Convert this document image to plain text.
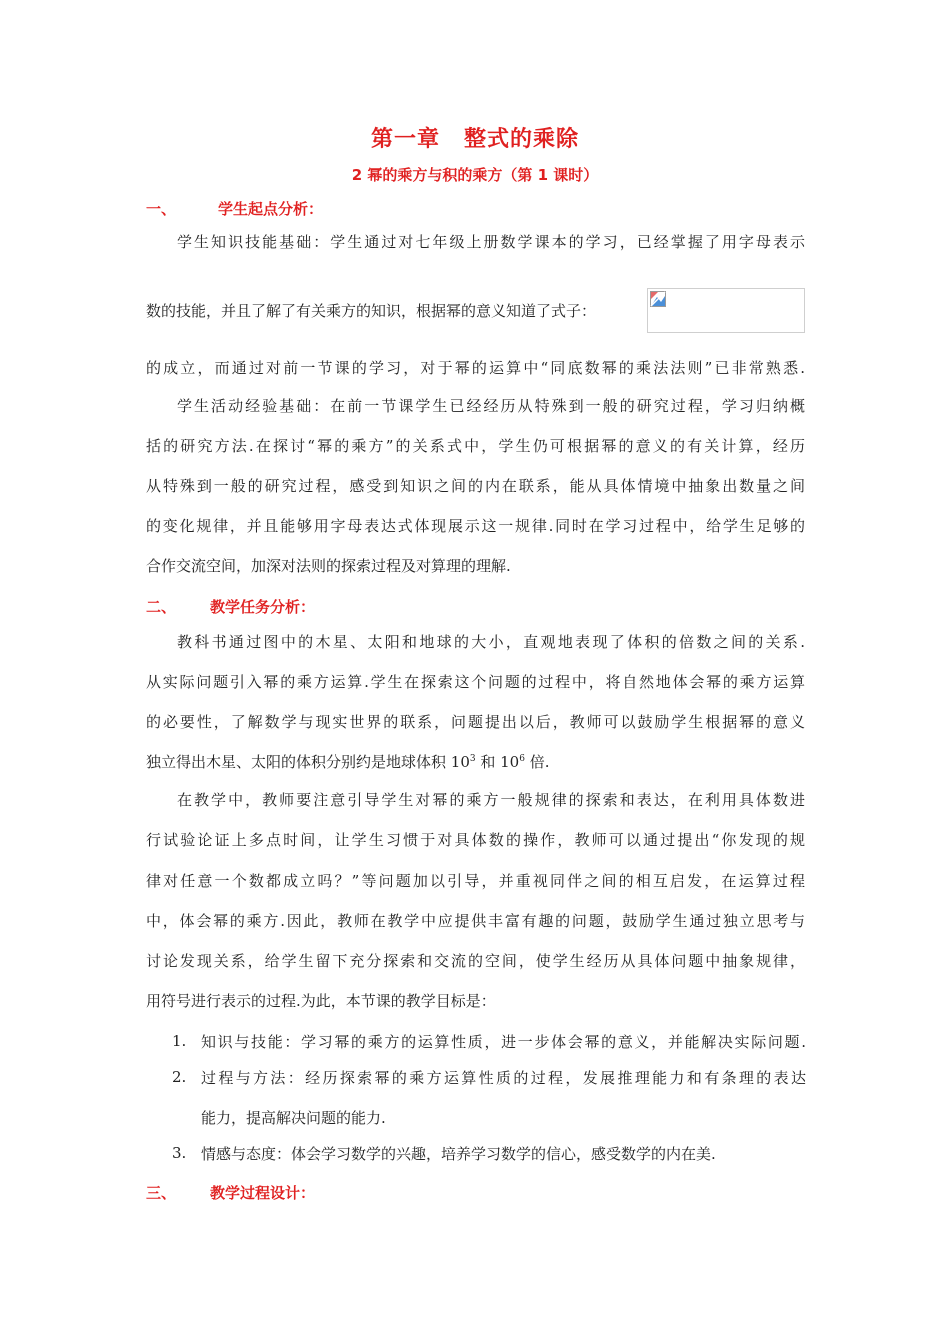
第一章 整式的乘除
2 幂的乘方与积的乘方（第 1 课时）
一、	学生起点分析：
学生知识技能基础：学生通过对七年级上册数学课本的学习，已经掌握了用字母表示
数的技能，并且了解了有关乘方的知识，根据幂的意义知道了式子：
的成立，而通过对前一节课的学习，对于幂的运算中“同底数幂的乘法法则”已非常熟悉.
学生活动经验基础：在前一节课学生已经经历从特殊到一般的研究过程，学习归纳概
括的研究方法.在探讨“幂的乘方”的关系式中，学生仍可根据幂的意义的有关计算，经历
从特殊到一般的研究过程，感受到知识之间的内在联系，能从具体情境中抽象出数量之间
的变化规律，并且能够用字母表达式体现展示这一规律.同时在学习过程中，给学生足够的
合作交流空间，加深对法则的探索过程及对算理的理解.
二、 教学任务分析：
教科书通过图中的木星、太阳和地球的大小，直观地表现了体积的倍数之间的关系.
从实际问题引入幂的乘方运算.学生在探索这个问题的过程中，将自然地体会幂的乘方运算
的必要性，了解数学与现实世界的联系，问题提出以后，教师可以鼓励学生根据幂的意义
独立得出木星、太阳的体积分别约是地球体积 $10^3$ 和 $10^6$ 倍.
在教学中，教师要注意引导学生对幂的乘方一般规律的探索和表达，在利用具体数进
行试验论证上多点时间，让学生习惯于对具体数的操作，教师可以通过提出“你发现的规
律对任意一个数都成立吗？”等问题加以引导，并重视同伴之间的相互启发，在运算过程
中，体会幂的乘方.因此，教师在教学中应提供丰富有趣的问题，鼓励学生通过独立思考与
讨论发现关系，给学生留下充分探索和交流的空间，使学生经历从具体问题中抽象规律，
用符号进行表示的过程.为此，本节课的教学目标是：
1. 知识与技能：学习幂的乘方的运算性质，进一步体会幂的意义，并能解决实际问题.
2. 过程与方法：经历探索幂的乘方运算性质的过程，发展推理能力和有条理的表达
能力，提高解决问题的能力.
3. 情感与态度：体会学习数学的兴趣，培养学习数学的信心，感受数学的内在美.
三、 教学过程设计：
